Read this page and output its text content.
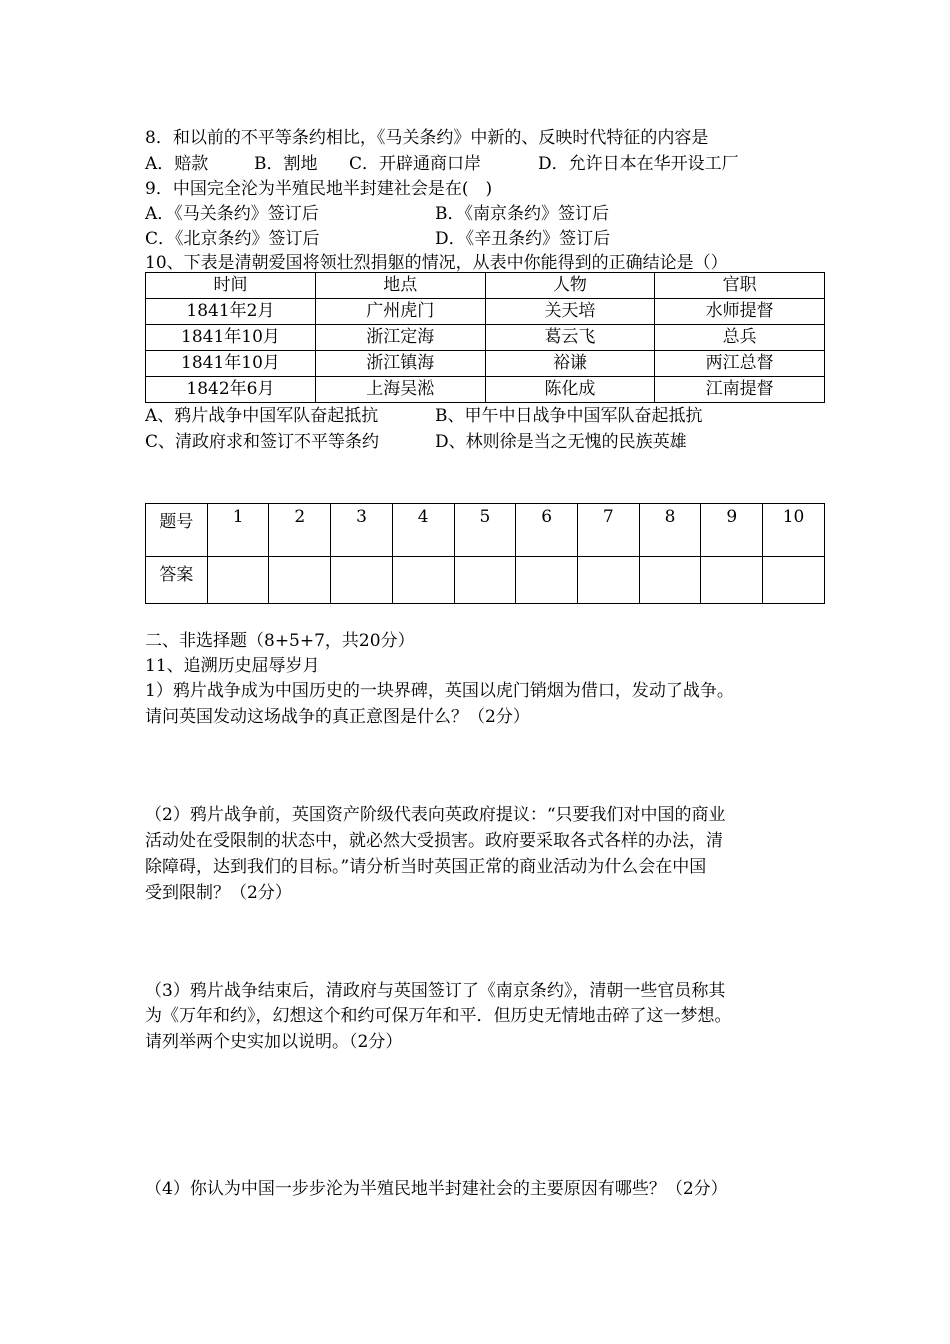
8．和以前的不平等条约相比，《马关条约》中新的、反映时代特征的内容是
A．赔款	B．割地 C．开辟通商口岸	D．允许日本在华开设工厂
9．中国完全沦为半殖民地半封建社会是在(　)
A．《马关条约》签订后	B．《南京条约》签订后
C．《北京条约》签订后	D．《辛丑条约》签订后
10、下表是清朝爱国将领壮烈捐躯的情况，从表中你能得到的正确结论是（）
时间	地点	人物	官职
1841年2月	广州虎门	关天培	水师提督
1841年10月	浙江定海	葛云飞	总兵
1841年10月	浙江镇海	裕谦	两江总督
1842年6月	上海吴淞	陈化成	江南提督
A、鸦片战争中国军队奋起抵抗	B、甲午中日战争中国军队奋起抵抗
C、清政府求和签订不平等条约	D、林则徐是当之无愧的民族英雄
题号	1	2	3	4	5	6	7	8	9	10
答案										
二、非选择题（8+5+7，共20分）
11、追溯历史屈辱岁月
1）鸦片战争成为中国历史的一块界碑，英国以虎门销烟为借口，发动了战争。
请问英国发动这场战争的真正意图是什么？（2分）
（2）鸦片战争前，英国资产阶级代表向英政府提议：“只要我们对中国的商业
活动处在受限制的状态中，就必然大受损害。政府要采取各式各样的办法，清
除障碍，达到我们的目标。”请分析当时英国正常的商业活动为什么会在中国
受到限制？（2分）
（3）鸦片战争结束后，清政府与英国签订了《南京条约》，清朝一些官员称其
为《万年和约》，幻想这个和约可保万年和平．但历史无情地击碎了这一梦想。
请列举两个史实加以说明。（2分）
（4）你认为中国一步步沦为半殖民地半封建社会的主要原因有哪些？（2分）
